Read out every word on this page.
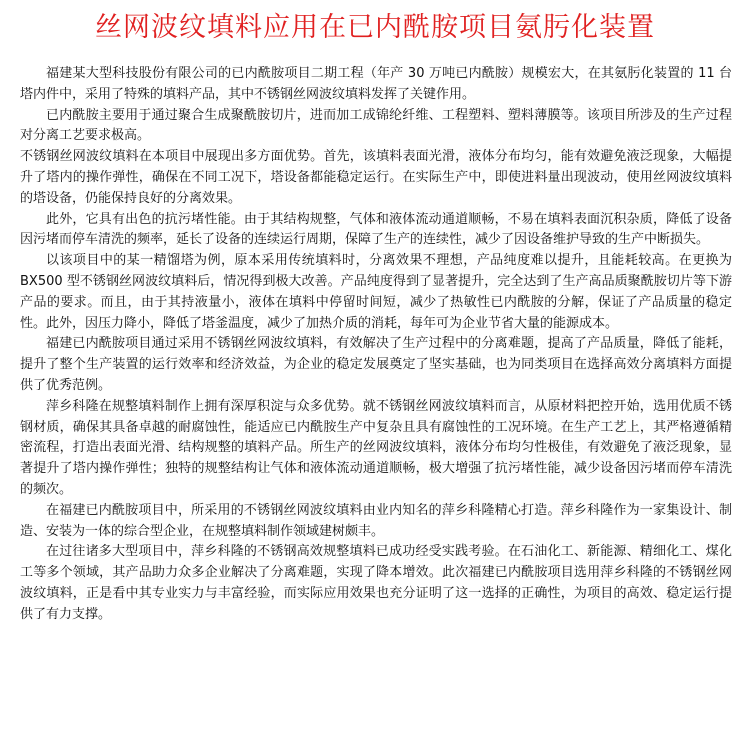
丝网波纹填料应用在已内酰胺项目氨肟化装置

福建某大型科技股份有限公司的已内酰胺项目二期工程（年产 30 万吨已内酰胺）规模宏大，在其氨肟化装置的 11 台塔内件中，采用了特殊的填料产品，其中不锈钢丝网波纹填料发挥了关键作用。

已内酰胺主要用于通过聚合生成聚酰胺切片，进而加工成锦纶纤维、工程塑料、塑料薄膜等。该项目所涉及的生产过程对分离工艺要求极高。

不锈钢丝网波纹填料在本项目中展现出多方面优势。首先，该填料表面光滑，液体分布均匀，能有效避免液泛现象，大幅提升了塔内的操作弹性，确保在不同工况下，塔设备都能稳定运行。在实际生产中，即使进料量出现波动，使用丝网波纹填料的塔设备，仍能保持良好的分离效果。

此外，它具有出色的抗污堵性能。由于其结构规整，气体和液体流动通道顺畅，不易在填料表面沉积杂质，降低了设备因污堵而停车清洗的频率，延长了设备的连续运行周期，保障了生产的连续性，减少了因设备维护导致的生产中断损失。

以该项目中的某一精馏塔为例，原本采用传统填料时，分离效果不理想，产品纯度难以提升，且能耗较高。在更换为 BX500 型不锈钢丝网波纹填料后，情况得到极大改善。产品纯度得到了显著提升，完全达到了生产高品质聚酰胺切片等下游产品的要求。而且，由于其持液量小，液体在填料中停留时间短，减少了热敏性已内酰胺的分解，保证了产品质量的稳定性。此外，因压力降小，降低了塔釜温度，减少了加热介质的消耗，每年可为企业节省大量的能源成本。

福建已内酰胺项目通过采用不锈钢丝网波纹填料，有效解决了生产过程中的分离难题，提高了产品质量，降低了能耗，提升了整个生产装置的运行效率和经济效益，为企业的稳定发展奠定了坚实基础，也为同类项目在选择高效分离填料方面提供了优秀范例。

萍乡科隆在规整填料制作上拥有深厚积淀与众多优势。就不锈钢丝网波纹填料而言，从原材料把控开始，选用优质不锈钢材质，确保其具备卓越的耐腐蚀性，能适应已内酰胺生产中复杂且具有腐蚀性的工况环境。在生产工艺上，其严格遵循精密流程，打造出表面光滑、结构规整的填料产品。所生产的丝网波纹填料，液体分布均匀性极佳，有效避免了液泛现象，显著提升了塔内操作弹性；独特的规整结构让气体和液体流动通道顺畅，极大增强了抗污堵性能，减少设备因污堵而停车清洗的频次。

在福建已内酰胺项目中，所采用的不锈钢丝网波纹填料由业内知名的萍乡科隆精心打造。萍乡科隆作为一家集设计、制造、安装为一体的综合型企业，在规整填料制作领域建树颇丰。

在过往诸多大型项目中，萍乡科隆的不锈钢高效规整填料已成功经受实践考验。在石油化工、新能源、精细化工、煤化工等多个领域，其产品助力众多企业解决了分离难题，实现了降本增效。此次福建已内酰胺项目选用萍乡科隆的不锈钢丝网波纹填料，正是看中其专业实力与丰富经验，而实际应用效果也充分证明了这一选择的正确性，为项目的高效、稳定运行提供了有力支撑。
